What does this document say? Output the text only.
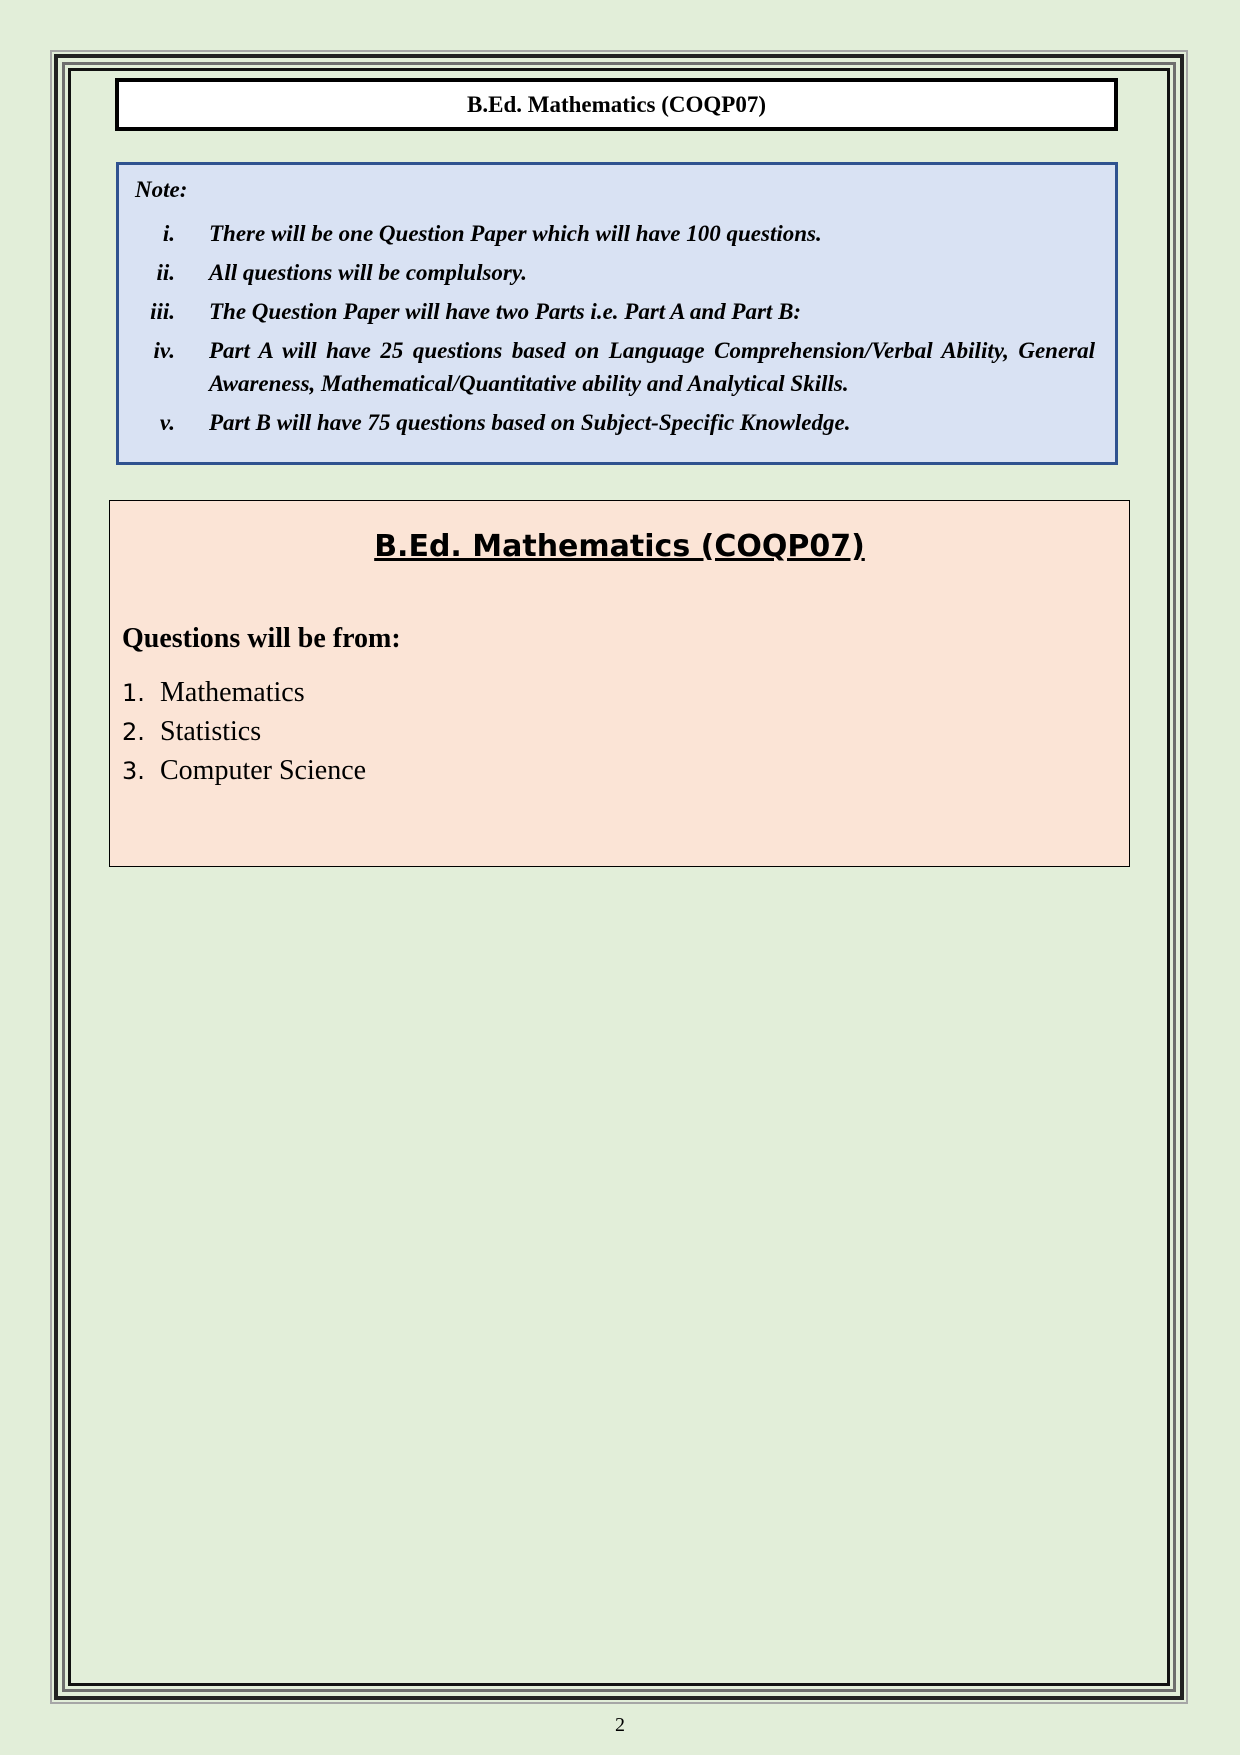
B.Ed. Mathematics (COQP07)
Note:
i. There will be one Question Paper which will have 100 questions.
ii. All questions will be complulsory.
iii. The Question Paper will have two Parts i.e. Part A and Part B:
iv. Part A will have 25 questions based on Language Comprehension/Verbal Ability, General Awareness, Mathematical/Quantitative ability and Analytical Skills.
v. Part B will have 75 questions based on Subject-Specific Knowledge.
B.Ed. Mathematics (COQP07)
Questions will be from:
1. Mathematics
2. Statistics
3. Computer Science
2
